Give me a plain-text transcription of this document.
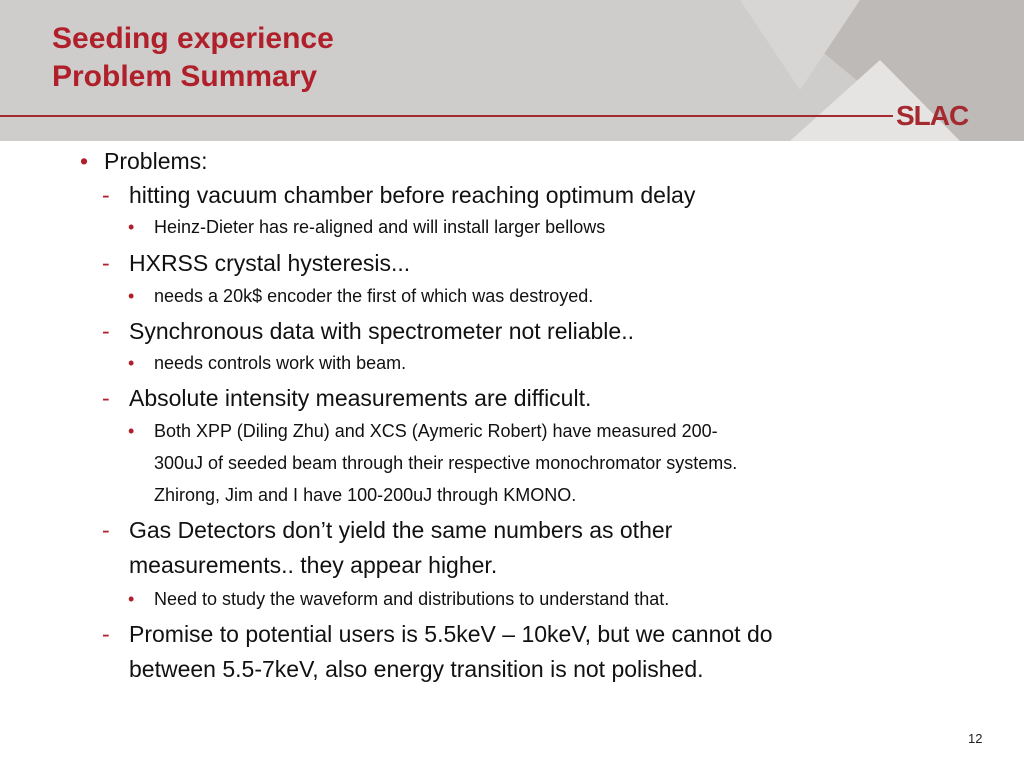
Seeding experience
Problem Summary
SLAC

• Problems:

- hitting vacuum chamber before reaching optimum delay

• Heinz-Dieter has re-aligned and will install larger bellows

- HXRSS crystal hysteresis...

• needs a 20k$ encoder the first of which was destroyed.

- Synchronous data with spectrometer not reliable..

• needs controls work with beam.

- Absolute intensity measurements are difficult.

• Both XPP (Diling Zhu) and XCS (Aymeric Robert) have measured 200-

300uJ of seeded beam through their respective monochromator systems.

Zhirong, Jim and I have 100-200uJ through KMONO.

- Gas Detectors don’t yield the same numbers as other

measurements.. they appear higher.

• Need to study the waveform and distributions to understand that.

- Promise to potential users is 5.5keV – 10keV, but we cannot do

between 5.5-7keV, also energy transition is not polished.

12
